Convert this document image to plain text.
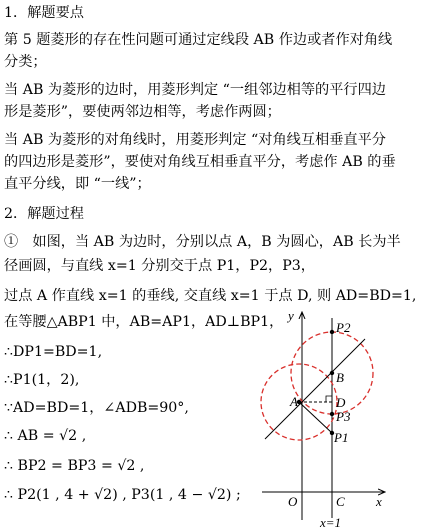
1．解题要点
第 5 题菱形的存在性问题可通过定线段 AB 作边或者作对角线
分类；
当 AB 为菱形的边时，用菱形判定 “一组邻边相等的平行四边
形是菱形”，要使两邻边相等，考虑作两圆；
当 AB 为菱形的对角线时，用菱形判定 “对角线互相垂直平分
的四边形是菱形”，要使对角线互相垂直平分，考虑作 AB 的垂
直平分线，即 “一线”；
2．解题过程
①　如图，当 AB 为边时，分别以点 A，B 为圆心，AB 长为半
径画圆，与直线 x=1 分别交于点 P1，P2，P3，
过点 A 作直线 x=1 的垂线, 交直线 x=1 于点 D, 则 AD=BD=1,
在等腰△ABP1 中，AB=AP1，AD⊥BP1，
∴DP1=BD=1,
∴P1(1，2),
∵AD=BD=1，∠ADB=90°,
∴ AB = √2 ,
∴ BP2 = BP3 = √2 ,
∴ P2(1 , 4 + √2) , P3(1 , 4 − √2) ;
y
x
P2
B
A	D
P3
P1
O	C
x=1
